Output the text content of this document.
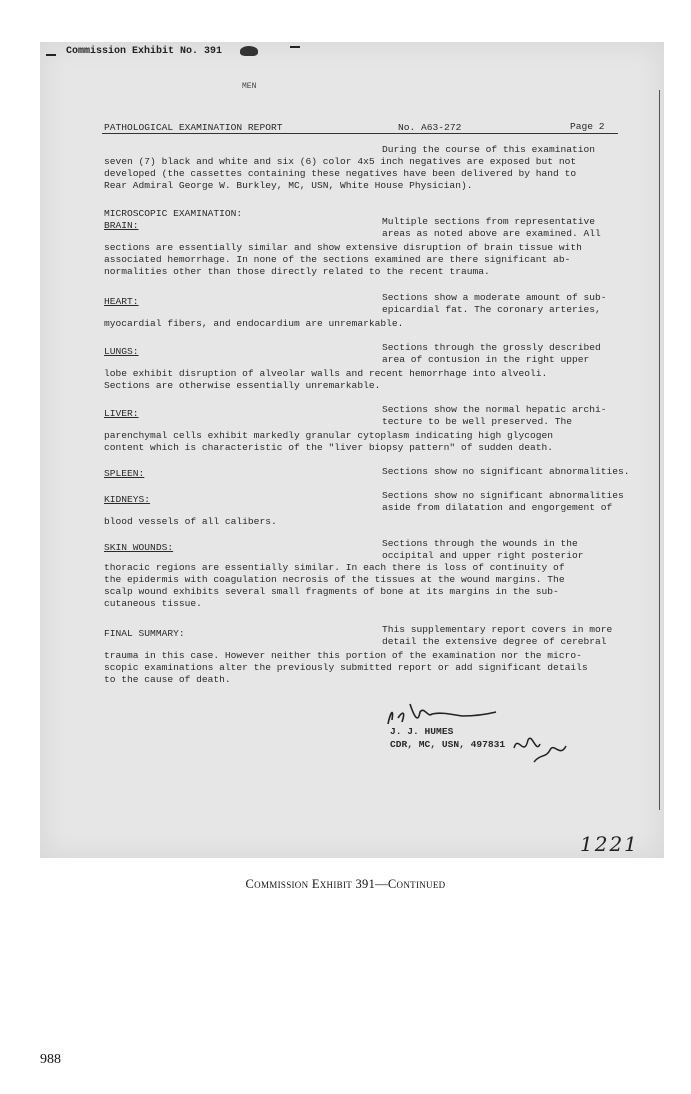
Commission Exhibit No. 391
MEN
PATHOLOGICAL EXAMINATION REPORT	No. A63-272	Page 2
During the course of this examination
seven (7) black and white and six (6) color 4x5 inch negatives are exposed but not
developed (the cassettes containing these negatives have been delivered by hand to
Rear Admiral George W. Burkley, MC, USN, White House Physician).
MICROSCOPIC EXAMINATION:
BRAIN:	Multiple sections from representative
areas as noted above are examined. All
sections are essentially similar and show extensive disruption of brain tissue with
associated hemorrhage. In none of the sections examined are there significant ab-
normalities other than those directly related to the recent trauma.
HEART:	Sections show a moderate amount of sub-
epicardial fat. The coronary arteries,
myocardial fibers, and endocardium are unremarkable.
LUNGS:	Sections through the grossly described
area of contusion in the right upper
lobe exhibit disruption of alveolar walls and recent hemorrhage into alveoli.
Sections are otherwise essentially unremarkable.
LIVER:	Sections show the normal hepatic archi-
tecture to be well preserved. The
parenchymal cells exhibit markedly granular cytoplasm indicating high glycogen
content which is characteristic of the "liver biopsy pattern" of sudden death.
SPLEEN:	Sections show no significant abnormalities.
KIDNEYS:	Sections show no significant abnormalities
aside from dilatation and engorgement of
blood vessels of all calibers.
SKIN WOUNDS:	Sections through the wounds in the
occipital and upper right posterior
thoracic regions are essentially similar. In each there is loss of continuity of
the epidermis with coagulation necrosis of the tissues at the wound margins. The
scalp wound exhibits several small fragments of bone at its margins in the sub-
cutaneous tissue.
FINAL SUMMARY:	This supplementary report covers in more
detail the extensive degree of cerebral
trauma in this case. However neither this portion of the examination nor the micro-
scopic examinations alter the previously submitted report or add significant details
to the cause of death.
J. J. HUMES
CDR, MC, USN, 497831
1221
Commission Exhibit 391—Continued
988
